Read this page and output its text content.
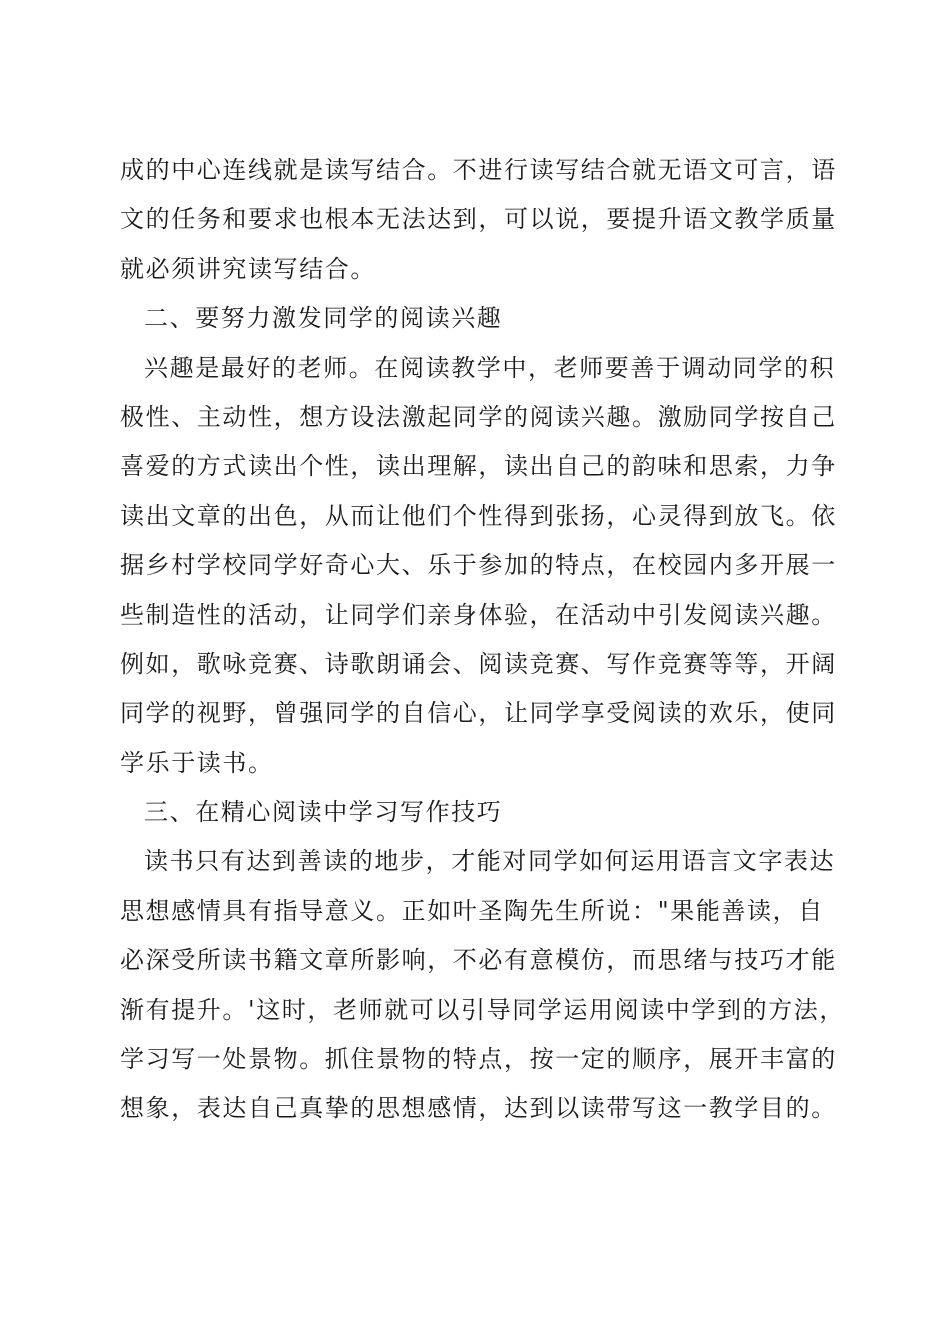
成的中心连线就是读写结合。不进行读写结合就无语文可言，语
文的任务和要求也根本无法达到，可以说，要提升语文教学质量
就必须讲究读写结合。
二、要努力激发同学的阅读兴趣
兴趣是最好的老师。在阅读教学中，老师要善于调动同学的积
极性、主动性，想方设法激起同学的阅读兴趣。激励同学按自己
喜爱的方式读出个性，读出理解，读出自己的韵味和思索，力争
读出文章的出色，从而让他们个性得到张扬，心灵得到放飞。依
据乡村学校同学好奇心大、乐于参加的特点，在校园内多开展一
些制造性的活动，让同学们亲身体验，在活动中引发阅读兴趣。
例如，歌咏竞赛、诗歌朗诵会、阅读竞赛、写作竞赛等等，开阔
同学的视野，曾强同学的自信心，让同学享受阅读的欢乐，使同
学乐于读书。
三、在精心阅读中学习写作技巧
读书只有达到善读的地步，才能对同学如何运用语言文字表达
思想感情具有指导意义。正如叶圣陶先生所说："果能善读，自
必深受所读书籍文章所影响，不必有意模仿，而思绪与技巧才能
渐有提升。'这时，老师就可以引导同学运用阅读中学到的方法，
学习写一处景物。抓住景物的特点，按一定的顺序，展开丰富的
想象，表达自己真挚的思想感情，达到以读带写这一教学目的。
